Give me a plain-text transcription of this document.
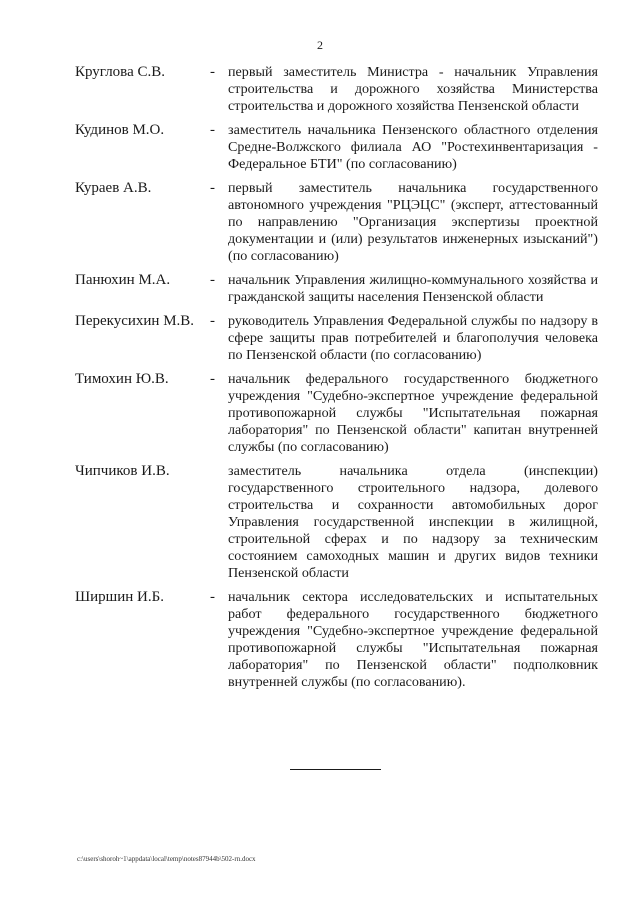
2
Круглова С.В.	- первый заместитель Министра - начальник Управления строительства и дорожного хозяйства Министерства строительства и дорожного хозяйства Пензенской области
Кудинов М.О.	- заместитель начальника Пензенского областного отделения Средне-Волжского филиала АО "Ростехинвентаризация - Федеральное БТИ" (по согласованию)
Кураев А.В.	- первый заместитель начальника государственного автономного учреждения "РЦЭЦС" (эксперт, аттестованный по направлению "Организация экспертизы проектной документации и (или) результатов инженерных изысканий") (по согласованию)
Панюхин М.А.	- начальник Управления жилищно-коммунального хозяйства и гражданской защиты населения Пензенской области
Перекусихин М.В.	- руководитель Управления Федеральной службы по надзору в сфере защиты прав потребителей и благополучия человека по Пензенской области (по согласованию)
Тимохин Ю.В.	- начальник федерального государственного бюджетного учреждения "Судебно-экспертное учреждение федеральной противопожарной службы "Испытательная пожарная лаборатория" по Пензенской области" капитан внутренней службы (по согласованию)
Чипчиков И.В.	заместитель начальника отдела (инспекции) государственного строительного надзора, долевого строительства и сохранности автомобильных дорог Управления государственной инспекции в жилищной, строительной сферах и по надзору за техническим состоянием самоходных машин и других видов техники Пензенской области
Ширшин И.Б.	- начальник сектора исследовательских и испытательных работ федерального государственного бюджетного учреждения "Судебно-экспертное учреждение федеральной противопожарной службы "Испытательная пожарная лаборатория" по Пензенской области" подполковник внутренней службы (по согласованию).
c:\users\shoroh~1\appdata\local\temp\notes87944b\502-rn.docx
